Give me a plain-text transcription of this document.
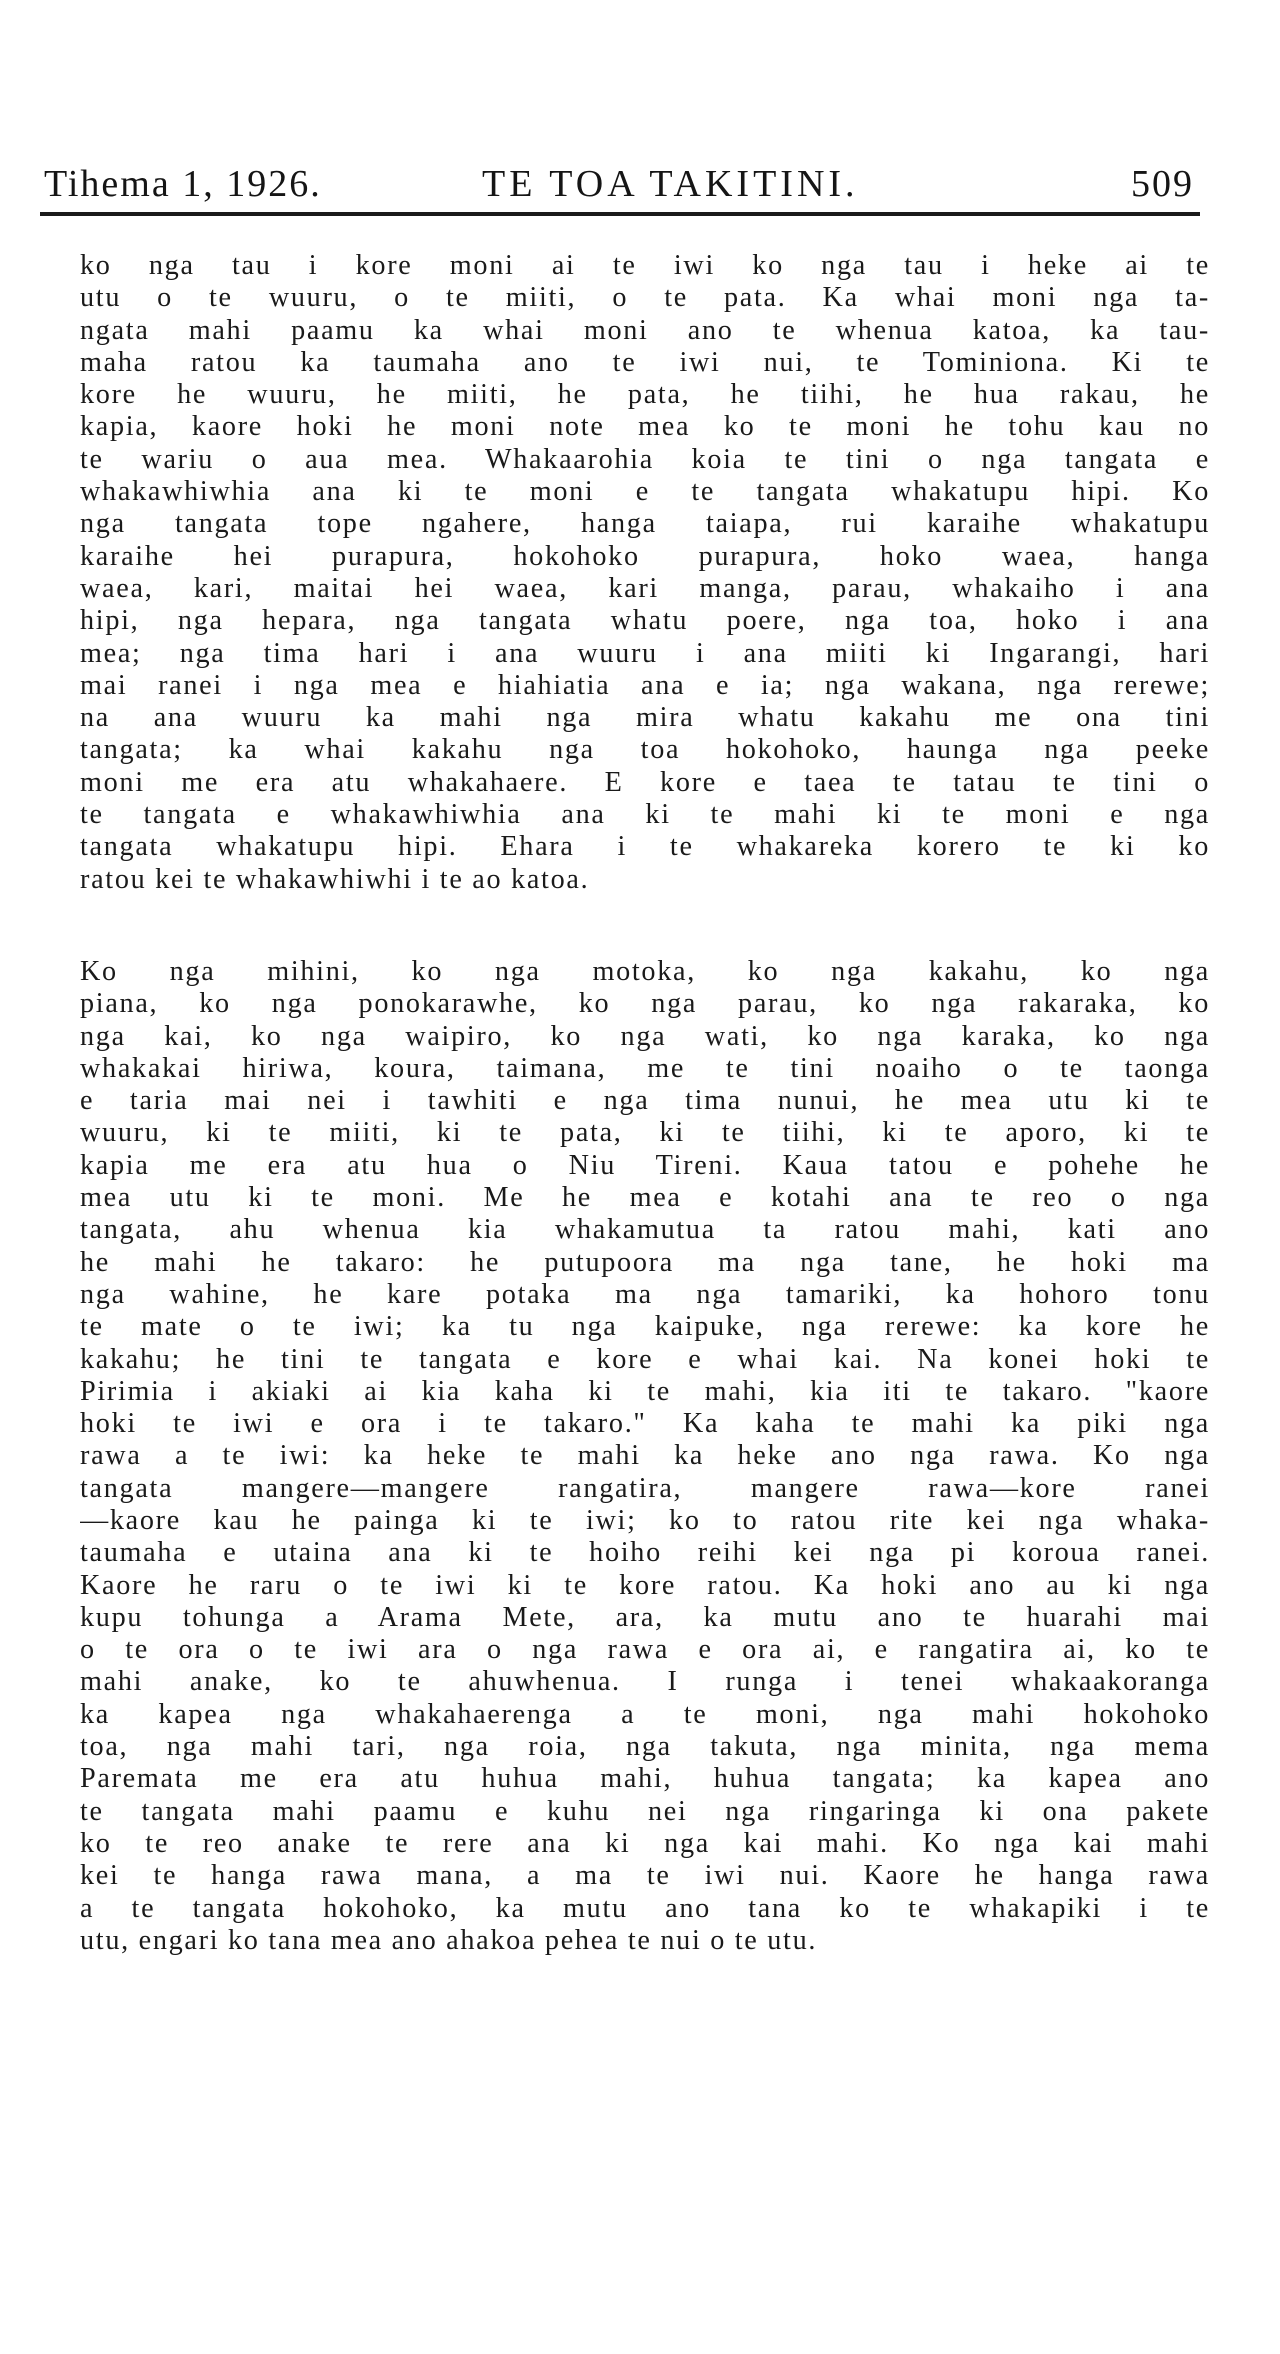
Tihema 1, 1926.	TE TOA TAKITINI.	509
ko nga tau i kore moni ai te iwi ko nga tau i heke ai te
utu o te wuuru, o te miiti, o te pata. Ka whai moni nga ta-
ngata mahi paamu ka whai moni ano te whenua katoa, ka tau-
maha ratou ka taumaha ano te iwi nui, te Tominiona. Ki te
kore he wuuru, he miiti, he pata, he tiihi, he hua rakau, he
kapia, kaore hoki he moni note mea ko te moni he tohu kau no
te wariu o aua mea. Whakaarohia koia te tini o nga tangata e
whakawhiwhia ana ki te moni e te tangata whakatupu hipi. Ko
nga tangata tope ngahere, hanga taiapa, rui karaihe whakatupu
karaihe hei purapura, hokohoko purapura, hoko waea, hanga
waea, kari, maitai hei waea, kari manga, parau, whakaiho i ana
hipi, nga hepara, nga tangata whatu poere, nga toa, hoko i ana
mea; nga tima hari i ana wuuru i ana miiti ki Ingarangi, hari
mai ranei i nga mea e hiahiatia ana e ia; nga wakana, nga rerewe;
na ana wuuru ka mahi nga mira whatu kakahu me ona tini
tangata; ka whai kakahu nga toa hokohoko, haunga nga peeke
moni me era atu whakahaere. E kore e taea te tatau te tini o
te tangata e whakawhiwhia ana ki te mahi ki te moni e nga
tangata whakatupu hipi. Ehara i te whakareka korero te ki ko
ratou kei te whakawhiwhi i te ao katoa.
Ko nga mihini, ko nga motoka, ko nga kakahu, ko nga
piana, ko nga ponokarawhe, ko nga parau, ko nga rakaraka, ko
nga kai, ko nga waipiro, ko nga wati, ko nga karaka, ko nga
whakakai hiriwa, koura, taimana, me te tini noaiho o te taonga
e taria mai nei i tawhiti e nga tima nunui, he mea utu ki te
wuuru, ki te miiti, ki te pata, ki te tiihi, ki te aporo, ki te
kapia me era atu hua o Niu Tireni. Kaua tatou e pohehe he
mea utu ki te moni. Me he mea e kotahi ana te reo o nga
tangata, ahu whenua kia whakamutua ta ratou mahi, kati ano
he mahi he takaro: he putupoora ma nga tane, he hoki ma
nga wahine, he kare potaka ma nga tamariki, ka hohoro tonu
te mate o te iwi; ka tu nga kaipuke, nga rerewe: ka kore he
kakahu; he tini te tangata e kore e whai kai. Na konei hoki te
Pirimia i akiaki ai kia kaha ki te mahi, kia iti te takaro. "kaore
hoki te iwi e ora i te takaro." Ka kaha te mahi ka piki nga
rawa a te iwi: ka heke te mahi ka heke ano nga rawa. Ko nga
tangata mangere—mangere rangatira, mangere rawa—kore ranei
—kaore kau he painga ki te iwi; ko to ratou rite kei nga whaka-
taumaha e utaina ana ki te hoiho reihi kei nga pi koroua ranei.
Kaore he raru o te iwi ki te kore ratou. Ka hoki ano au ki nga
kupu tohunga a Arama Mete, ara, ka mutu ano te huarahi mai
o te ora o te iwi ara o nga rawa e ora ai, e rangatira ai, ko te
mahi anake, ko te ahuwhenua. I runga i tenei whakaakoranga
ka kapea nga whakahaerenga a te moni, nga mahi hokohoko
toa, nga mahi tari, nga roia, nga takuta, nga minita, nga mema
Paremata me era atu huhua mahi, huhua tangata; ka kapea ano
te tangata mahi paamu e kuhu nei nga ringaringa ki ona pakete
ko te reo anake te rere ana ki nga kai mahi. Ko nga kai mahi
kei te hanga rawa mana, a ma te iwi nui. Kaore he hanga rawa
a te tangata hokohoko, ka mutu ano tana ko te whakapiki i te
utu, engari ko tana mea ano ahakoa pehea te nui o te utu.
